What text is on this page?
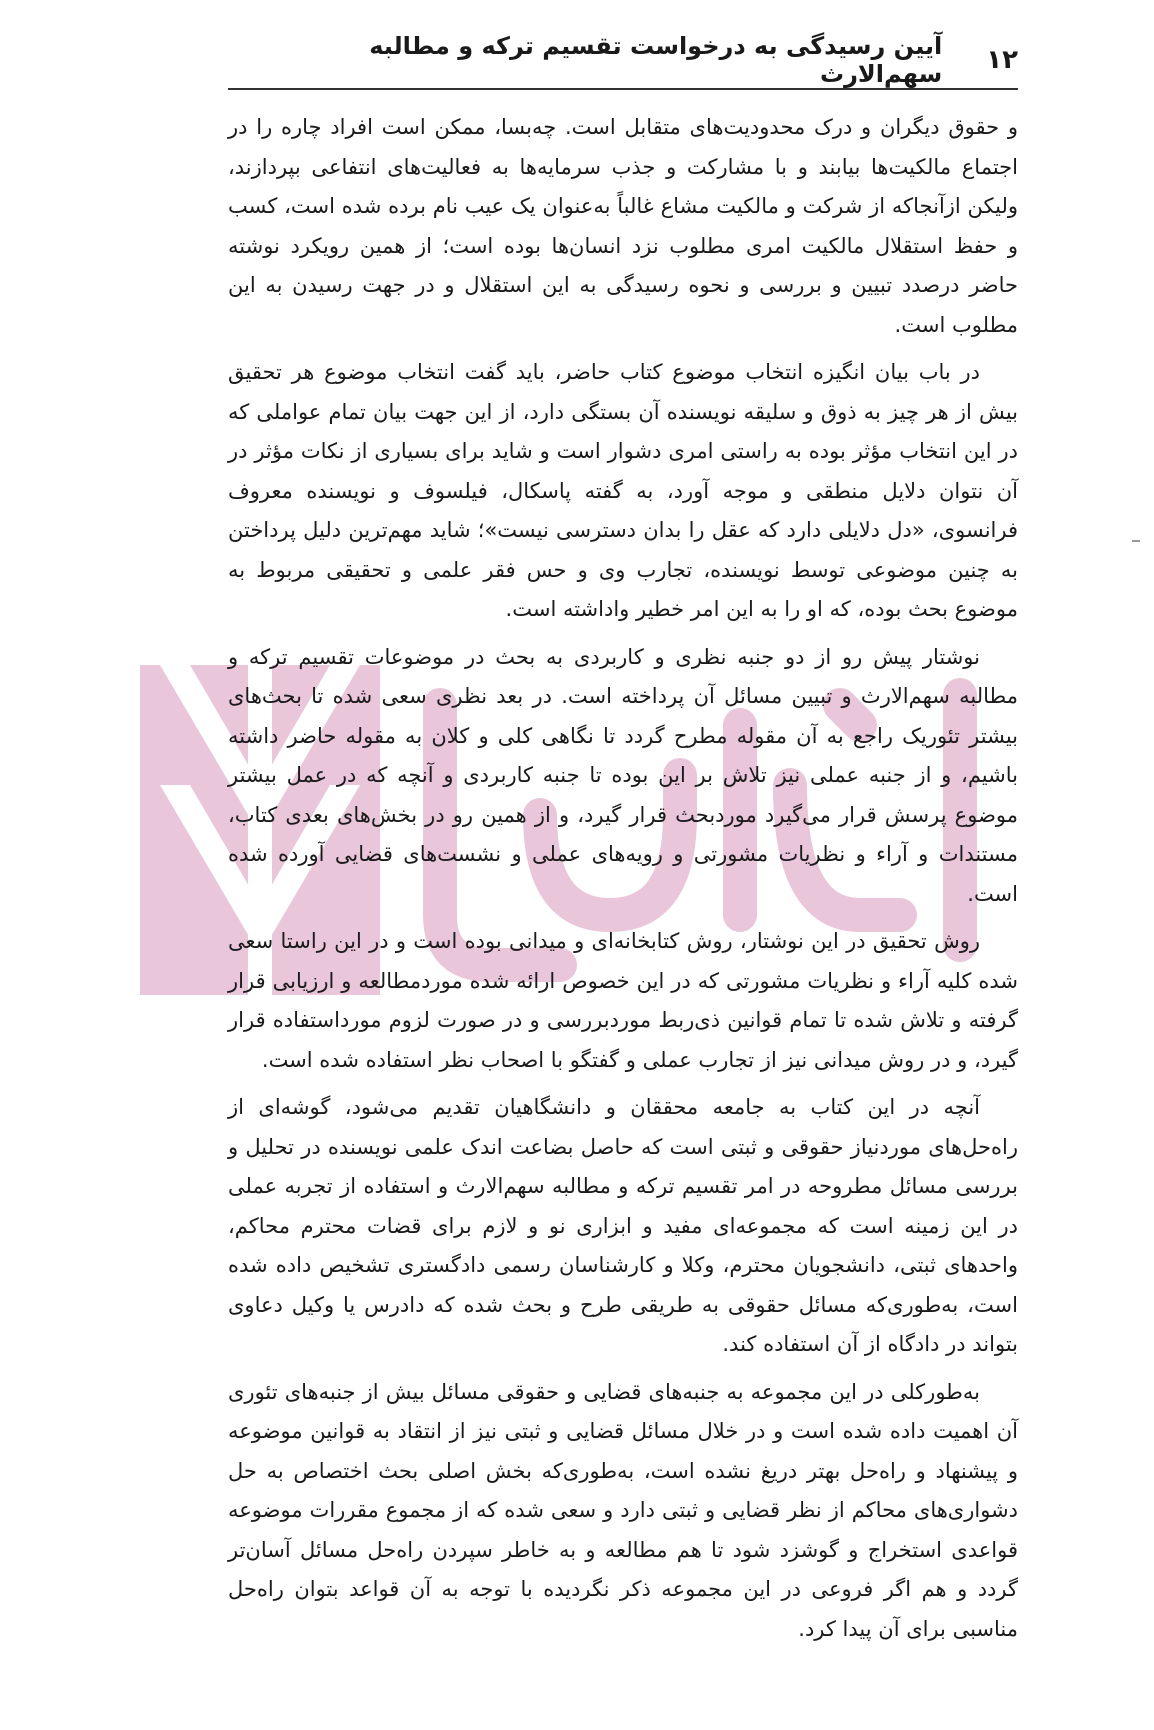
۱۲
آیین رسیدگی به درخواست تقسیم ترکه و مطالبه سهم‌الارث

و حقوق دیگران و درک محدودیت‌های متقابل است. چه‌بسا، ممکن است افراد چاره را در اجتماع مالکیت‌ها بیابند و با مشارکت و جذب سرمایه‌ها به فعالیت‌های انتفاعی بپردازند، ولیکن ازآنجاکه از شرکت و مالکیت مشاع غالباً به‌عنوان یک عیب نام برده شده است، کسب و حفظ استقلال مالکیت امری مطلوب نزد انسان‌ها بوده است؛ از همین رویکرد نوشته حاضر درصدد تبیین و بررسی و نحوه رسیدگی به این استقلال و در جهت رسیدن به این مطلوب است.

در باب بیان انگیزه انتخاب موضوع کتاب حاضر، باید گفت انتخاب موضوع هر تحقیق بیش از هر چیز به ذوق و سلیقه نویسنده آن بستگی دارد، از این جهت بیان تمام عواملی که در این انتخاب مؤثر بوده به راستی امری دشوار است و شاید برای بسیاری از نکات مؤثر در آن نتوان دلایل منطقی و موجه آورد، به گفته پاسکال، فیلسوف و نویسنده معروف فرانسوی، «دل دلایلی دارد که عقل را بدان دسترسی نیست»؛ شاید مهم‌ترین دلیل پرداختن به چنین موضوعی توسط نویسنده، تجارب وی و حس فقر علمی و تحقیقی مربوط به موضوع بحث بوده، که او را به این امر خطیر واداشته است.

نوشتار پیش رو از دو جنبه نظری و کاربردی به بحث در موضوعات تقسیم ترکه و مطالبه سهم‌الارث و تبیین مسائل آن پرداخته است. در بعد نظری سعی شده تا بحث‌های بیشتر تئوریک راجع به آن مقوله مطرح گردد تا نگاهی کلی و کلان به مقوله حاضر داشته باشیم، و از جنبه عملی نیز تلاش بر این بوده تا جنبه کاربردی و آنچه که در عمل بیشتر موضوع پرسش قرار می‌گیرد موردبحث قرار گیرد، و از همین رو در بخش‌های بعدی کتاب، مستندات و آراء و نظریات مشورتی و رویه‌های عملی و نشست‌های قضایی آورده شده است.

روش تحقیق در این نوشتار، روش کتابخانه‌ای و میدانی بوده است و در این راستا سعی شده کلیه آراء و نظریات مشورتی که در این خصوص ارائه شده موردمطالعه و ارزیابی قرار گرفته و تلاش شده تا تمام قوانین ذی‌ربط موردبررسی و در صورت لزوم مورداستفاده قرار گیرد، و در روش میدانی نیز از تجارب عملی و گفتگو با اصحاب نظر استفاده شده است.

آنچه در این کتاب به جامعه محققان و دانشگاهیان تقدیم می‌شود، گوشه‌ای از راه‌حل‌های موردنیاز حقوقی و ثبتی است که حاصل بضاعت اندک علمی نویسنده در تحلیل و بررسی مسائل مطروحه در امر تقسیم ترکه و مطالبه سهم‌الارث و استفاده از تجربه عملی در این زمینه است که مجموعه‌ای مفید و ابزاری نو و لازم برای قضات محترم محاکم، واحدهای ثبتی، دانشجویان محترم، وکلا و کارشناسان رسمی دادگستری تشخیص داده شده است، به‌طوری‌که مسائل حقوقی به طریقی طرح و بحث شده که دادرس یا وکیل دعاوی بتواند در دادگاه از آن استفاده کند.

به‌طورکلی در این مجموعه به جنبه‌های قضایی و حقوقی مسائل بیش از جنبه‌های تئوری آن اهمیت داده شده است و در خلال مسائل قضایی و ثبتی نیز از انتقاد به قوانین موضوعه و پیشنهاد و راه‌حل بهتر دریغ نشده است، به‌طوری‌که بخش اصلی بحث اختصاص به حل دشواری‌های محاکم از نظر قضایی و ثبتی دارد و سعی شده که از مجموع مقررات موضوعه قواعدی استخراج و گوشزد شود تا هم مطالعه و به خاطر سپردن راه‌حل مسائل آسان‌تر گردد و هم اگر فروعی در این مجموعه ذکر نگردیده با توجه به آن قواعد بتوان راه‌حل مناسبی برای آن پیدا کرد.
